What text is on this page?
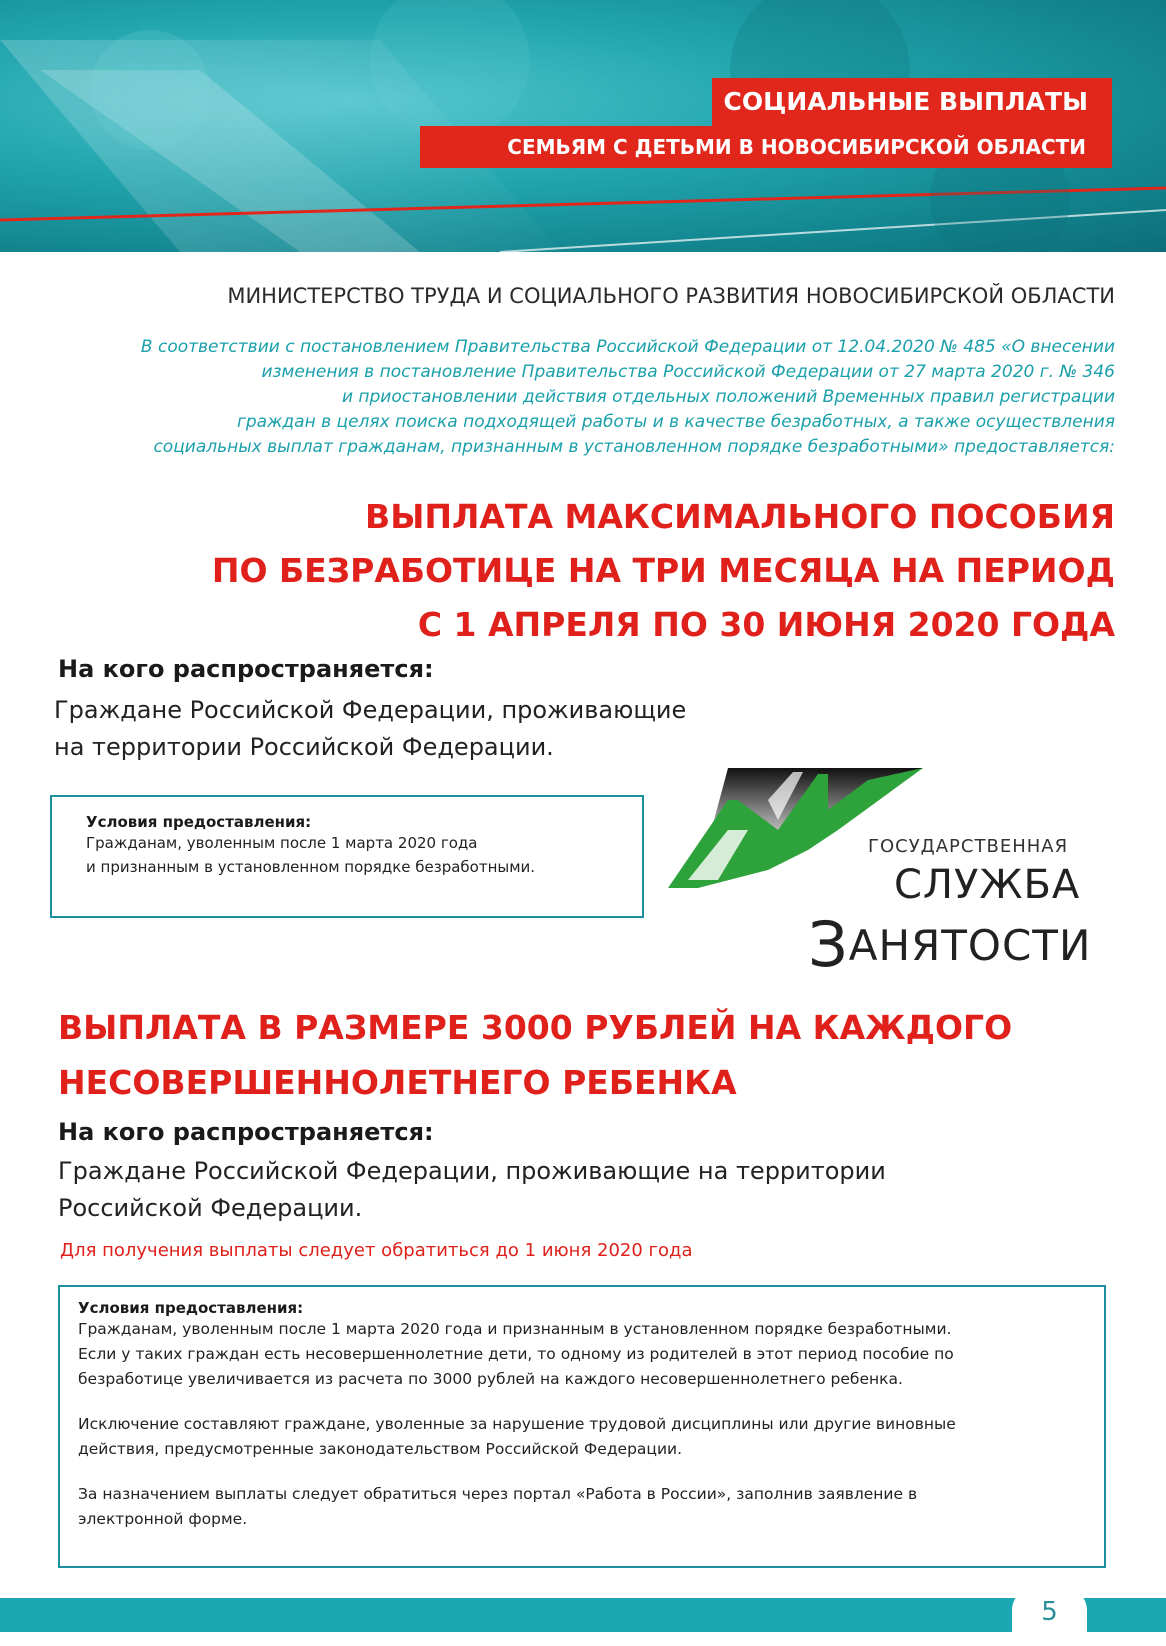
СОЦИАЛЬНЫЕ ВЫПЛАТЫ
СЕМЬЯМ С ДЕТЬМИ В НОВОСИБИРСКОЙ ОБЛАСТИ
МИНИСТЕРСТВО ТРУДА И СОЦИАЛЬНОГО РАЗВИТИЯ НОВОСИБИРСКОЙ ОБЛАСТИ
В соответствии с постановлением Правительства Российской Федерации от 12.04.2020 № 485 «О внесении
изменения в постановление Правительства Российской Федерации от 27 марта 2020 г. № 346
и приостановлении действия отдельных положений Временных правил регистрации
граждан в целях поиска подходящей работы и в качестве безработных, а также осуществления
социальных выплат гражданам, признанным в установленном порядке безработными» предоставляется:
ВЫПЛАТА МАКСИМАЛЬНОГО ПОСОБИЯ
ПО БЕЗРАБОТИЦЕ НА ТРИ МЕСЯЦА НА ПЕРИОД
С 1 АПРЕЛЯ ПО 30 ИЮНЯ 2020 ГОДА
На кого распространяется:
Граждане Российской Федерации, проживающие
на территории Российской Федерации.
Условия предоставления:
Гражданам, уволенным после 1 марта 2020 года
и признанным в установленном порядке безработными.
ГОСУДАРСТВЕННАЯ
СЛУЖБА
ЗАНЯТОСТИ
ВЫПЛАТА В РАЗМЕРЕ 3000 РУБЛЕЙ НА КАЖДОГО
НЕСОВЕРШЕННОЛЕТНЕГО РЕБЕНКА
На кого распространяется:
Граждане Российской Федерации, проживающие на территории
Российской Федерации.
Для получения выплаты следует обратиться до 1 июня 2020 года
Условия предоставления:

Гражданам, уволенным после 1 марта 2020 года и признанным в установленном порядке безработными.
Если у таких граждан есть несовершеннолетние дети, то одному из родителей в этот период пособие по
безработице увеличивается из расчета по 3000 рублей на каждого несовершеннолетнего ребенка.

Исключение составляют граждане, уволенные за нарушение трудовой дисциплины или другие виновные
действия, предусмотренные законодательством Российской Федерации.

За назначением выплаты следует обратиться через портал «Работа в России», заполнив заявление в
электронной форме.

5
